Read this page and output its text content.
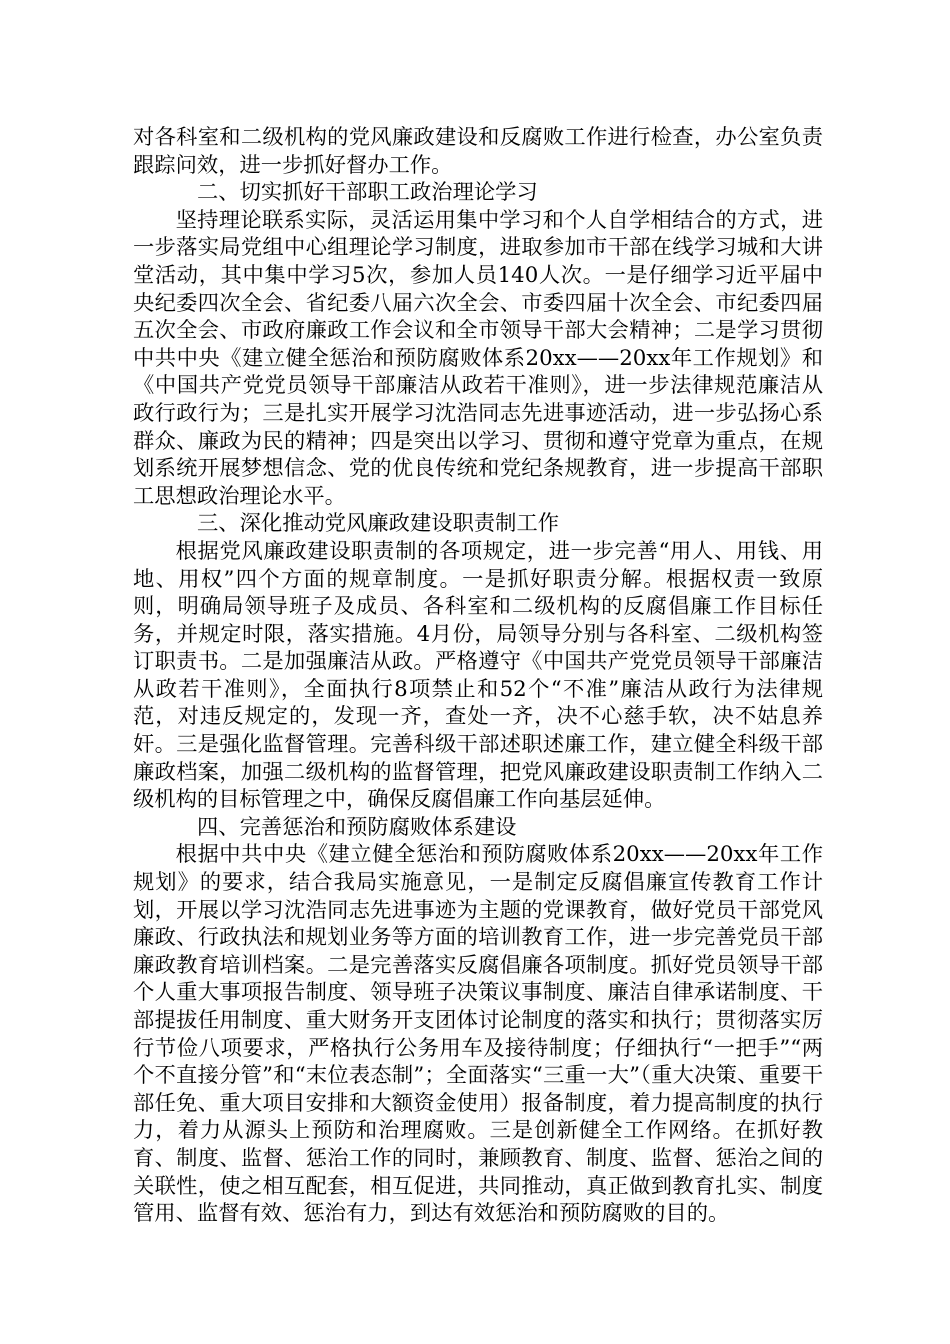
对各科室和二级机构的党风廉政建设和反腐败工作进行检查，办公室负责跟踪问效，进一步抓好督办工作。

二、切实抓好干部职工政治理论学习

坚持理论联系实际，灵活运用集中学习和个人自学相结合的方式，进一步落实局党组中心组理论学习制度，进取参加市干部在线学习城和大讲堂活动，其中集中学习5次，参加人员140人次。一是仔细学习近平届中央纪委四次全会、省纪委八届六次全会、市委四届十次全会、市纪委四届五次全会、市政府廉政工作会议和全市领导干部大会精神；二是学习贯彻中共中央《建立健全惩治和预防腐败体系20xx——20xx年工作规划》和《中国共产党党员领导干部廉洁从政若干准则》，进一步法律规范廉洁从政行政行为；三是扎实开展学习沈浩同志先进事迹活动，进一步弘扬心系群众、廉政为民的精神；四是突出以学习、贯彻和遵守党章为重点，在规划系统开展梦想信念、党的优良传统和党纪条规教育，进一步提高干部职工思想政治理论水平。

三、深化推动党风廉政建设职责制工作

根据党风廉政建设职责制的各项规定，进一步完善“用人、用钱、用地、用权”四个方面的规章制度。一是抓好职责分解。根据权责一致原则，明确局领导班子及成员、各科室和二级机构的反腐倡廉工作目标任务，并规定时限，落实措施。4月份，局领导分别与各科室、二级机构签订职责书。二是加强廉洁从政。严格遵守《中国共产党党员领导干部廉洁从政若干准则》，全面执行8项禁止和52个“不准”廉洁从政行为法律规范，对违反规定的，发现一齐，查处一齐，决不心慈手软，决不姑息养奸。三是强化监督管理。完善科级干部述职述廉工作，建立健全科级干部廉政档案，加强二级机构的监督管理，把党风廉政建设职责制工作纳入二级机构的目标管理之中，确保反腐倡廉工作向基层延伸。

四、完善惩治和预防腐败体系建设

根据中共中央《建立健全惩治和预防腐败体系20xx——20xx年工作规划》的要求，结合我局实施意见，一是制定反腐倡廉宣传教育工作计划，开展以学习沈浩同志先进事迹为主题的党课教育，做好党员干部党风廉政、行政执法和规划业务等方面的培训教育工作，进一步完善党员干部廉政教育培训档案。二是完善落实反腐倡廉各项制度。抓好党员领导干部个人重大事项报告制度、领导班子决策议事制度、廉洁自律承诺制度、干部提拔任用制度、重大财务开支团体讨论制度的落实和执行；贯彻落实厉行节俭八项要求，严格执行公务用车及接待制度；仔细执行“一把手”“两个不直接分管”和“末位表态制”；全面落实“三重一大”（重大决策、重要干部任免、重大项目安排和大额资金使用）报备制度，着力提高制度的执行力，着力从源头上预防和治理腐败。三是创新健全工作网络。在抓好教育、制度、监督、惩治工作的同时，兼顾教育、制度、监督、惩治之间的关联性，使之相互配套，相互促进，共同推动，真正做到教育扎实、制度管用、监督有效、惩治有力，到达有效惩治和预防腐败的目的。
